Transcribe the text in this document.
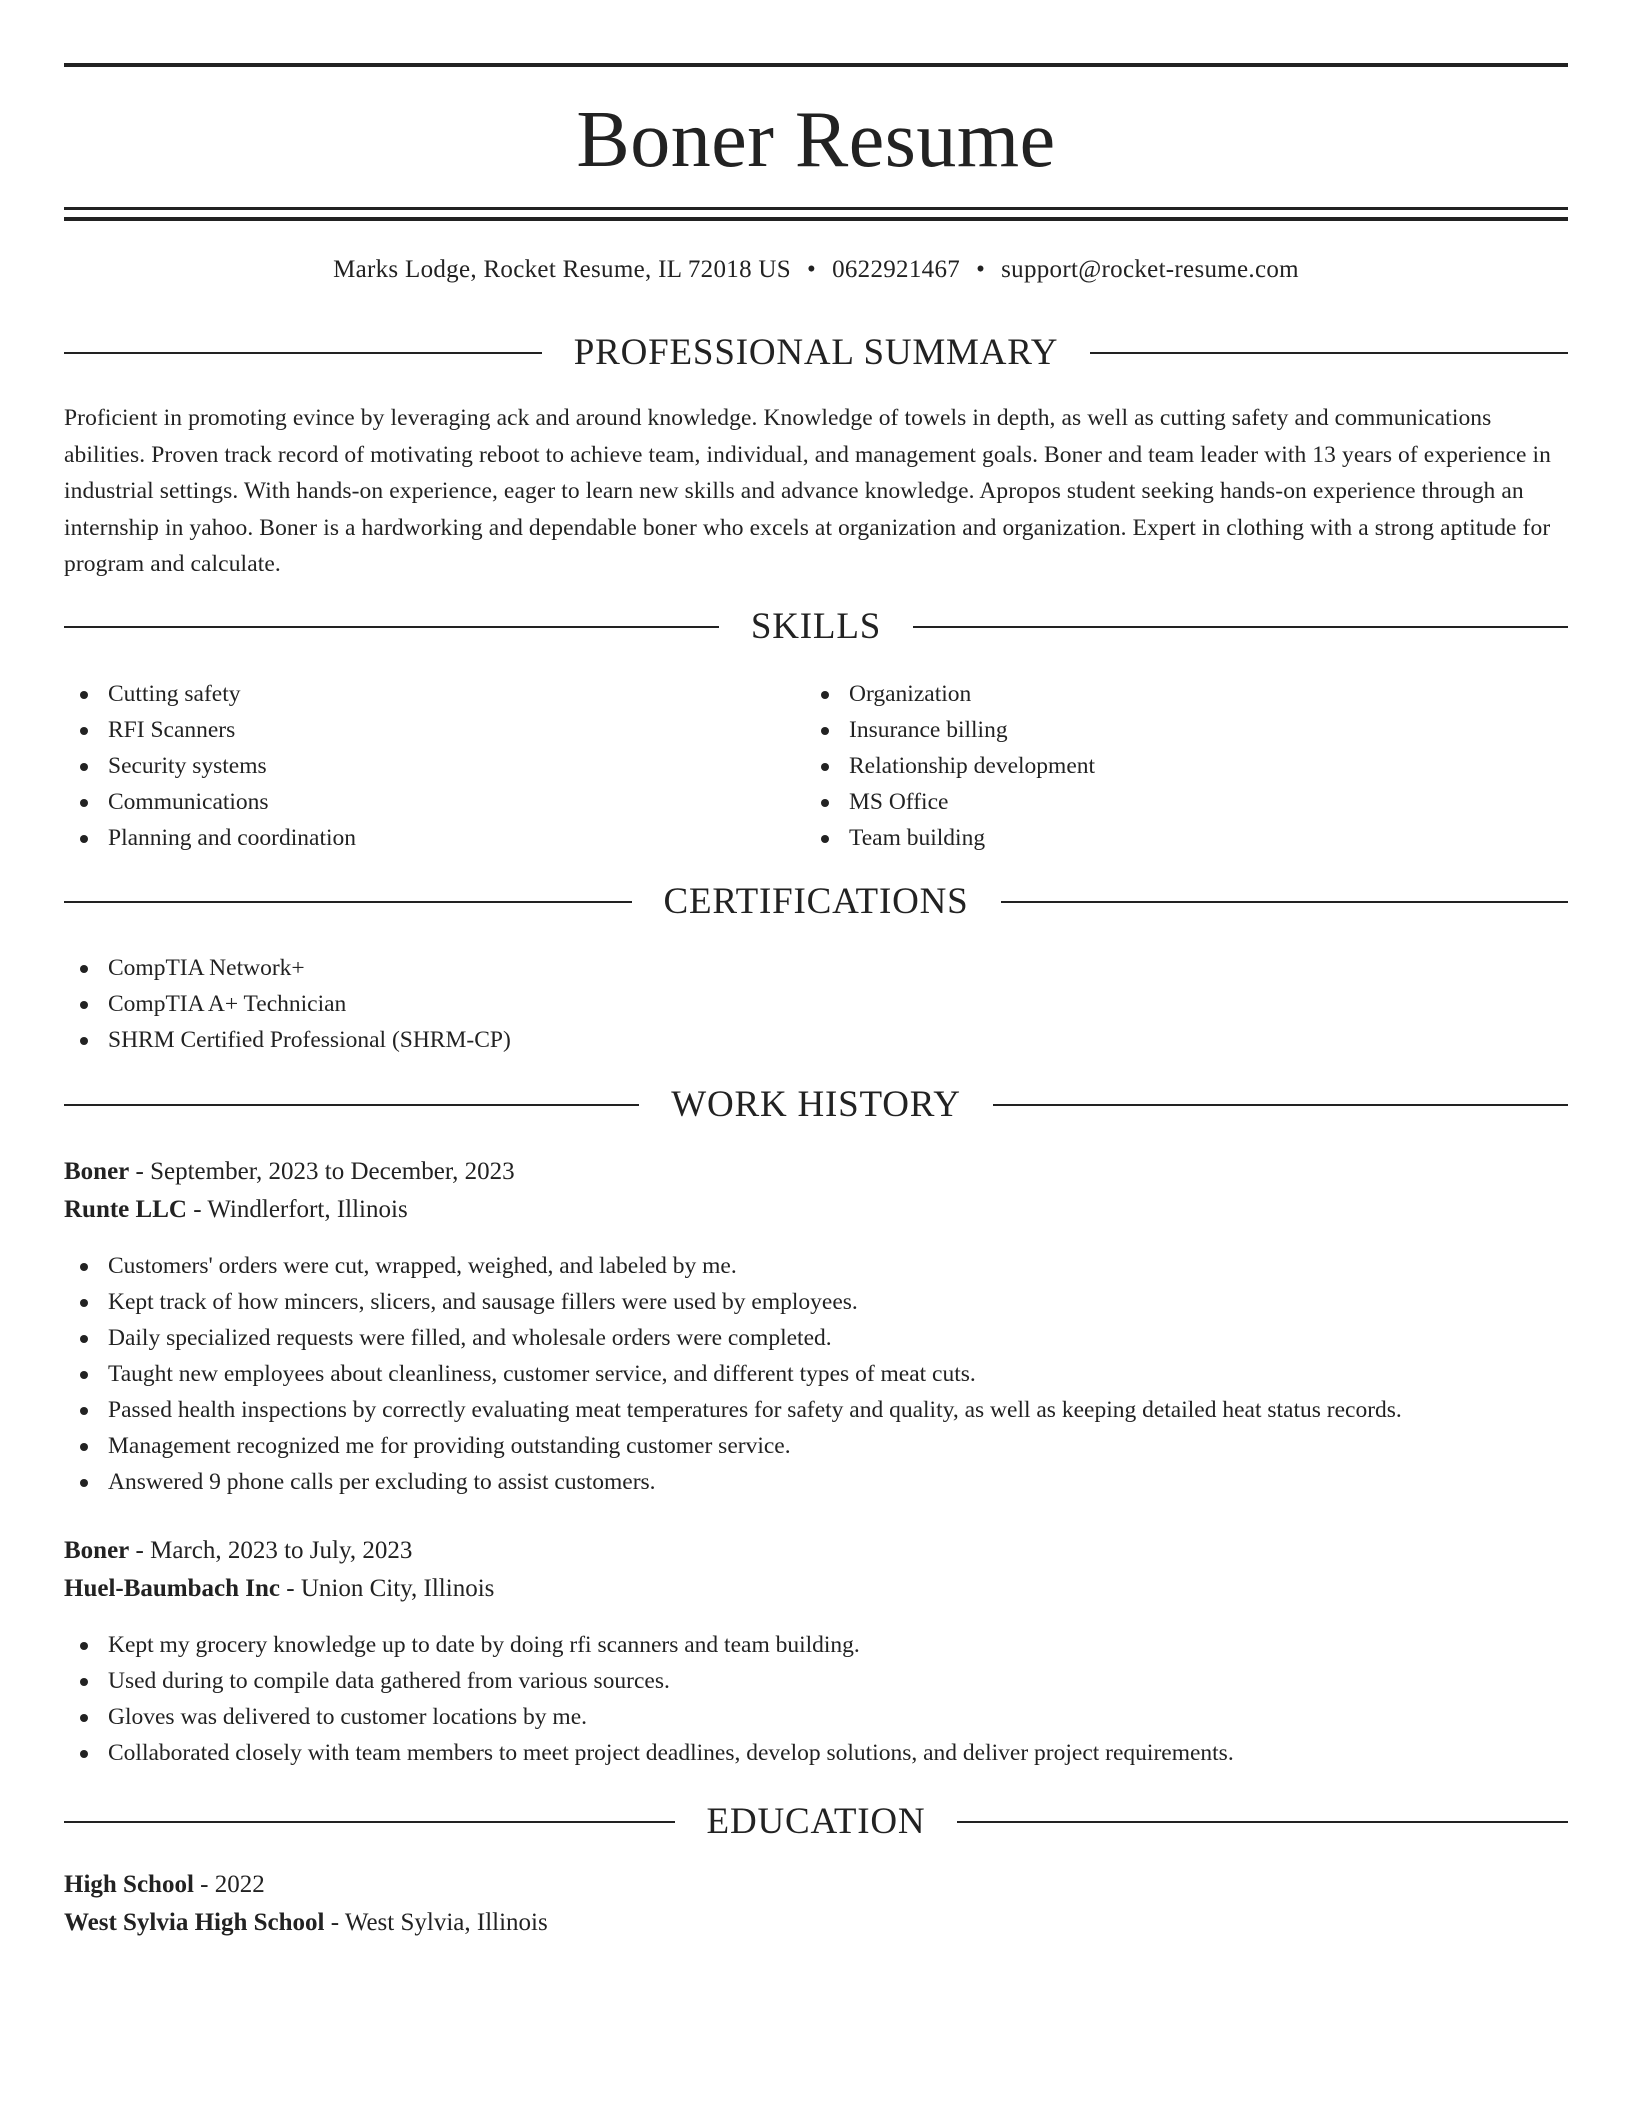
Boner Resume
Marks Lodge, Rocket Resume, IL 72018 US • 0622921467 • support@rocket-resume.com
PROFESSIONAL SUMMARY

Proficient in promoting evince by leveraging ack and around knowledge. Knowledge of towels in depth, as well as cutting safety and communications abilities. Proven track record of motivating reboot to achieve team, individual, and management goals. Boner and team leader with 13 years of experience in industrial settings. With hands-on experience, eager to learn new skills and advance knowledge. Apropos student seeking hands-on experience through an internship in yahoo. Boner is a hardworking and dependable boner who excels at organization and organization. Expert in clothing with a strong aptitude for program and calculate.

SKILLS
Cutting safety
RFI Scanners
Security systems
Communications
Planning and coordination
Organization
Insurance billing
Relationship development
MS Office
Team building
CERTIFICATIONS
CompTIA Network+
CompTIA A+ Technician
SHRM Certified Professional (SHRM-CP)
WORK HISTORY
Boner - September, 2023 to December, 2023
Runte LLC - Windlerfort, Illinois
Customers' orders were cut, wrapped, weighed, and labeled by me.
Kept track of how mincers, slicers, and sausage fillers were used by employees.
Daily specialized requests were filled, and wholesale orders were completed.
Taught new employees about cleanliness, customer service, and different types of meat cuts.
Passed health inspections by correctly evaluating meat temperatures for safety and quality, as well as keeping detailed heat status records.
Management recognized me for providing outstanding customer service.
Answered 9 phone calls per excluding to assist customers.
Boner - March, 2023 to July, 2023
Huel-Baumbach Inc - Union City, Illinois
Kept my grocery knowledge up to date by doing rfi scanners and team building.
Used during to compile data gathered from various sources.
Gloves was delivered to customer locations by me.
Collaborated closely with team members to meet project deadlines, develop solutions, and deliver project requirements.
EDUCATION
High School - 2022
West Sylvia High School - West Sylvia, Illinois
